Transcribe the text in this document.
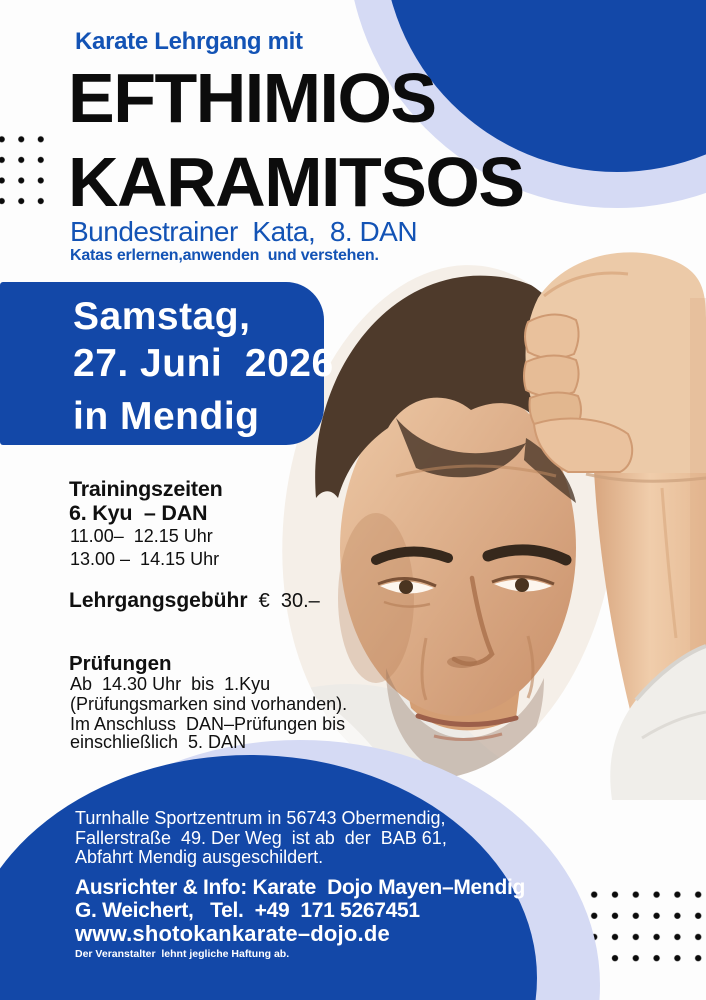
Karate Lehrgang mit
EFTHIMIOS
KARAMITSOS
Bundestrainer  Kata,  8. DAN
Katas erlernen,anwenden  und verstehen.
Samstag,
27. Juni  2026
in Mendig
Trainingszeiten
6. Kyu  – DAN
11.00–  12.15 Uhr
13.00 –  14.15 Uhr
Lehrgangsgebühr  €  30.–
Prüfungen
Ab  14.30 Uhr  bis  1.Kyu
(Prüfungsmarken sind vorhanden).
Im Anschluss  DAN–Prüfungen bis
einschließlich  5. DAN
Turnhalle Sportzentrum in 56743 Obermendig,
Fallerstraße  49. Der Weg  ist ab  der  BAB 61,
Abfahrt Mendig ausgeschildert.
Ausrichter & Info: Karate  Dojo Mayen–Mendig
G. Weichert,   Tel.  +49  171 5267451
www.shotokankarate–dojo.de
Der Veranstalter  lehnt jegliche Haftung ab.
